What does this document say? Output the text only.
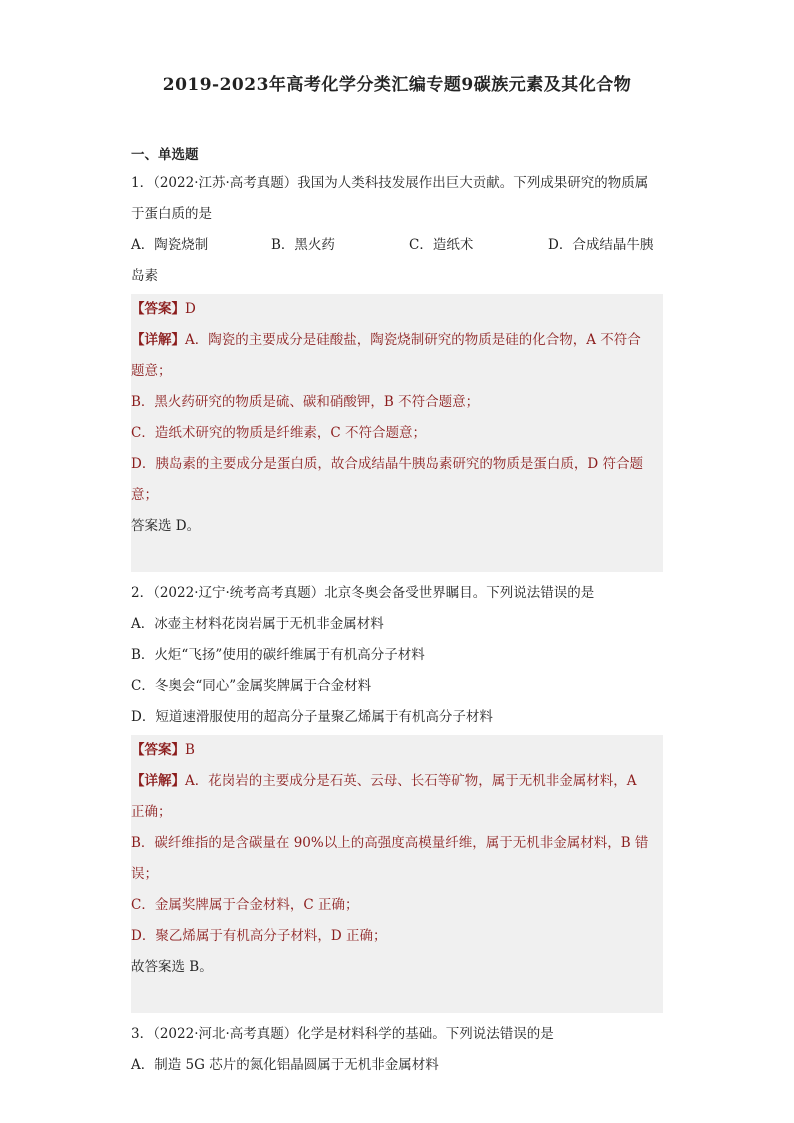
2019-2023年高考化学分类汇编专题9碳族元素及其化合物
一、单选题
1．（2022·江苏·高考真题）我国为人类科技发展作出巨大贡献。下列成果研究的物质属
于蛋白质的是
A．陶瓷烧制	B．黑火药	C．造纸术	D．合成结晶牛胰
岛素
【答案】D
【详解】A．陶瓷的主要成分是硅酸盐，陶瓷烧制研究的物质是硅的化合物，A 不符合
题意；
B．黑火药研究的物质是硫、碳和硝酸钾，B 不符合题意；
C．造纸术研究的物质是纤维素，C 不符合题意；
D．胰岛素的主要成分是蛋白质，故合成结晶牛胰岛素研究的物质是蛋白质，D 符合题
意；
答案选 D。
2．（2022·辽宁·统考高考真题）北京冬奥会备受世界瞩目。下列说法错误的是
A．冰壶主材料花岗岩属于无机非金属材料
B．火炬“飞扬”使用的碳纤维属于有机高分子材料
C．冬奥会“同心”金属奖牌属于合金材料
D．短道速滑服使用的超高分子量聚乙烯属于有机高分子材料
【答案】B
【详解】A．花岗岩的主要成分是石英、云母、长石等矿物，属于无机非金属材料，A
正确；
B．碳纤维指的是含碳量在 90%以上的高强度高模量纤维，属于无机非金属材料，B 错
误；
C．金属奖牌属于合金材料，C 正确；
D．聚乙烯属于有机高分子材料，D 正确；
故答案选 B。
3．（2022·河北·高考真题）化学是材料科学的基础。下列说法错误的是
A．制造 5G 芯片的氮化铝晶圆属于无机非金属材料
